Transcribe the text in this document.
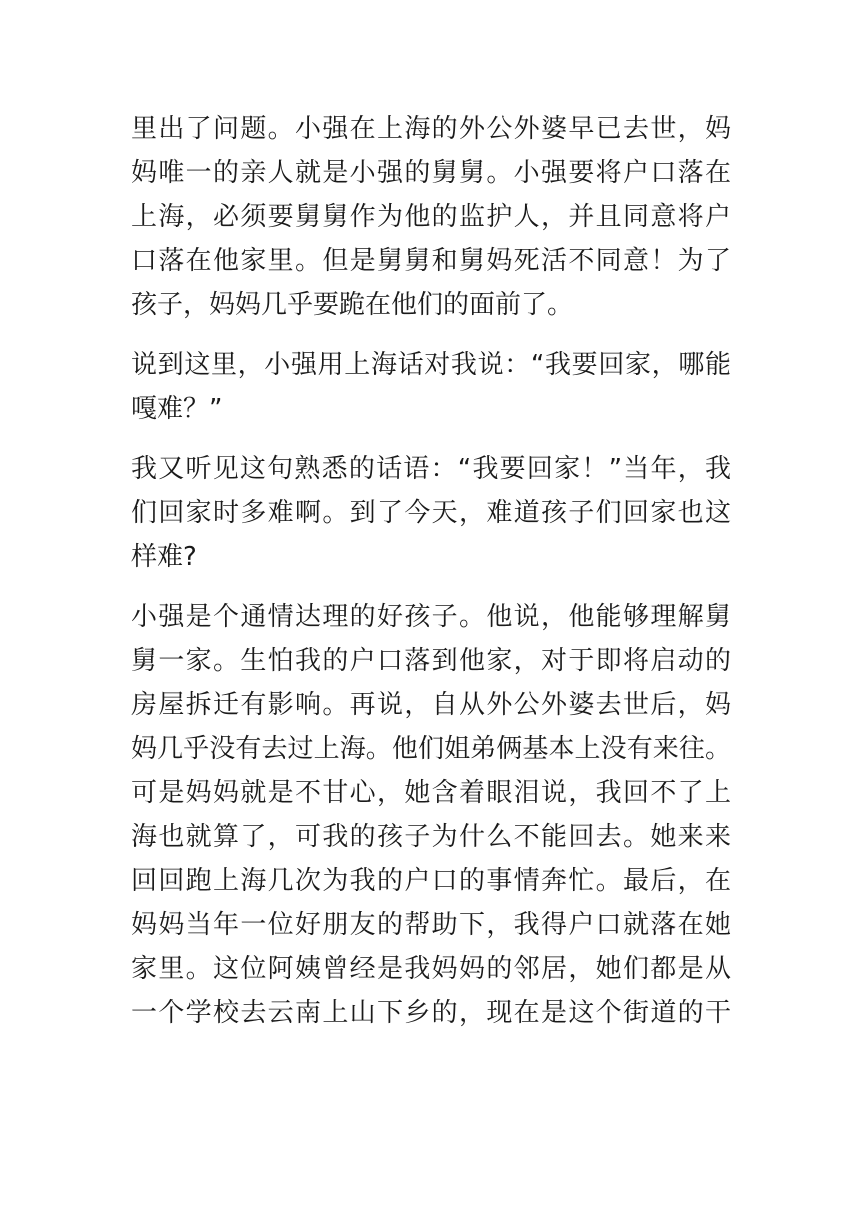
里出了问题。小强在上海的外公外婆早已去世，妈
妈唯一的亲人就是小强的舅舅。小强要将户口落在
上海，必须要舅舅作为他的监护人，并且同意将户
口落在他家里。但是舅舅和舅妈死活不同意！为了
孩子，妈妈几乎要跪在他们的面前了。
说到这里，小强用上海话对我说：“我要回家，哪能
嘎难？”
我又听见这句熟悉的话语：“我要回家！”当年，我
们回家时多难啊。到了今天，难道孩子们回家也这
样难?
小强是个通情达理的好孩子。他说，他能够理解舅
舅一家。生怕我的户口落到他家，对于即将启动的
房屋拆迁有影响。再说，自从外公外婆去世后，妈
妈几乎没有去过上海。他们姐弟俩基本上没有来往。
可是妈妈就是不甘心，她含着眼泪说，我回不了上
海也就算了，可我的孩子为什么不能回去。她来来
回回跑上海几次为我的户口的事情奔忙。最后，在
妈妈当年一位好朋友的帮助下，我得户口就落在她
家里。这位阿姨曾经是我妈妈的邻居，她们都是从
一个学校去云南上山下乡的，现在是这个街道的干
